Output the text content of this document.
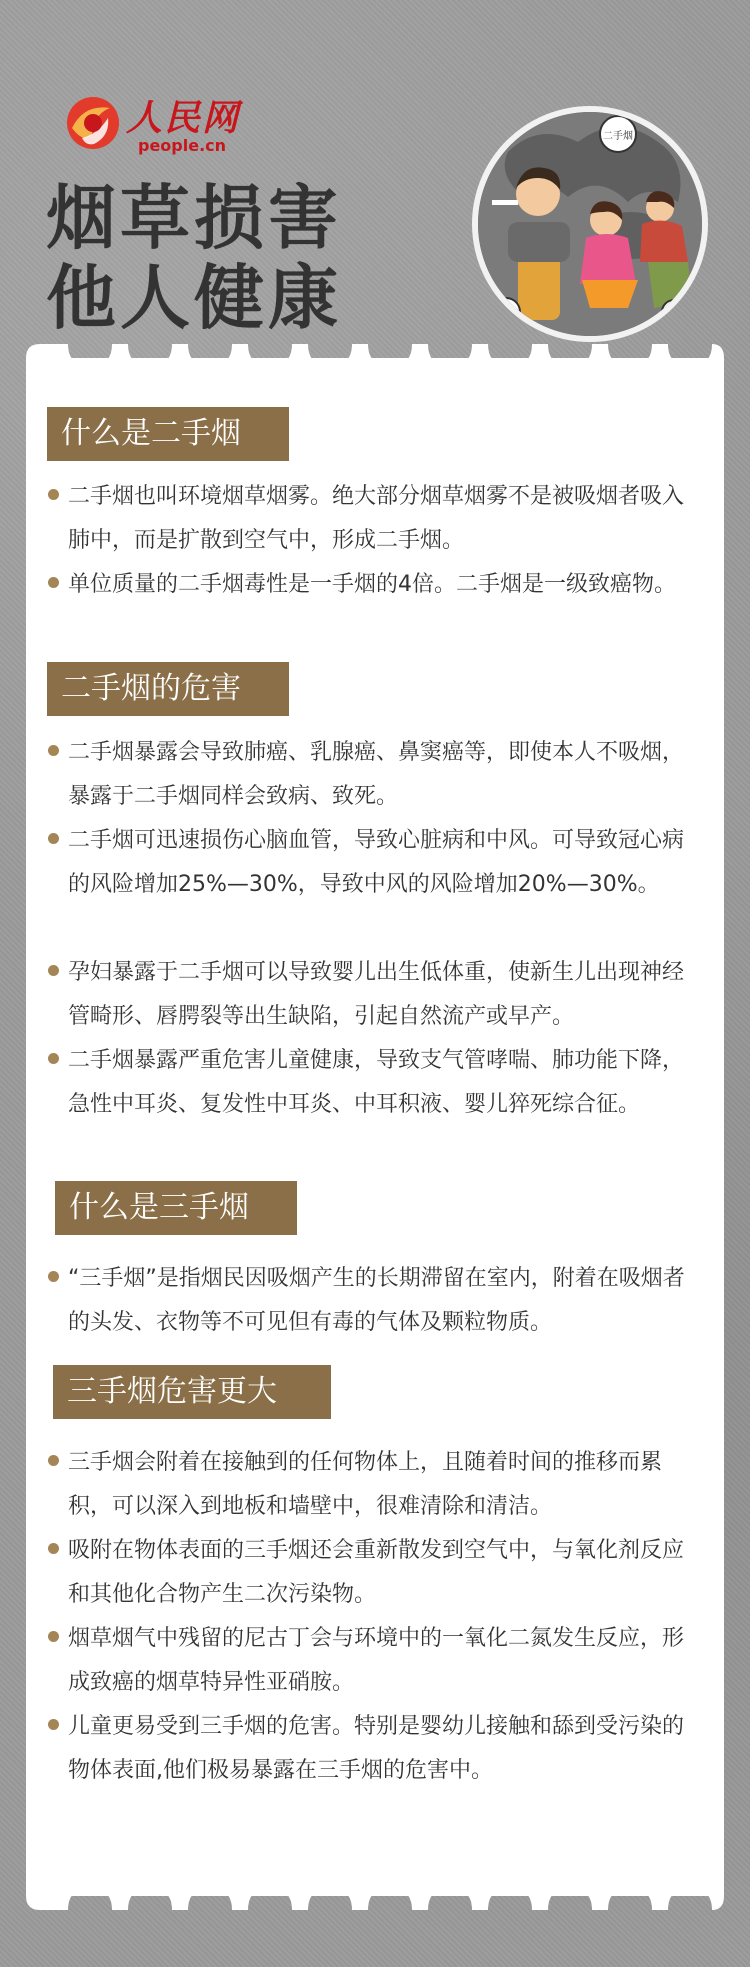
人民网
people.cn
烟草损害
他人健康
二手烟
什么是二手烟
二手烟也叫环境烟草烟雾。绝大部分烟草烟雾不是被吸烟者吸入肺中，而是扩散到空气中，形成二手烟。
单位质量的二手烟毒性是一手烟的4倍。二手烟是一级致癌物。
二手烟的危害
二手烟暴露会导致肺癌、乳腺癌、鼻窦癌等，即使本人不吸烟，暴露于二手烟同样会致病、致死。
二手烟可迅速损伤心脑血管，导致心脏病和中风。可导致冠心病的风险增加25%—30%，导致中风的风险增加20%—30%。
孕妇暴露于二手烟可以导致婴儿出生低体重，使新生儿出现神经管畸形、唇腭裂等出生缺陷，引起自然流产或早产。
二手烟暴露严重危害儿童健康，导致支气管哮喘、肺功能下降，急性中耳炎、复发性中耳炎、中耳积液、婴儿猝死综合征。
什么是三手烟
“三手烟”是指烟民因吸烟产生的长期滞留在室内，附着在吸烟者的头发、衣物等不可见但有毒的气体及颗粒物质。
三手烟危害更大
三手烟会附着在接触到的任何物体上，且随着时间的推移而累积，可以深入到地板和墙壁中，很难清除和清洁。
吸附在物体表面的三手烟还会重新散发到空气中，与氧化剂反应和其他化合物产生二次污染物。
烟草烟气中残留的尼古丁会与环境中的一氧化二氮发生反应，形成致癌的烟草特异性亚硝胺。
儿童更易受到三手烟的危害。特别是婴幼儿接触和舔到受污染的物体表面,他们极易暴露在三手烟的危害中。
